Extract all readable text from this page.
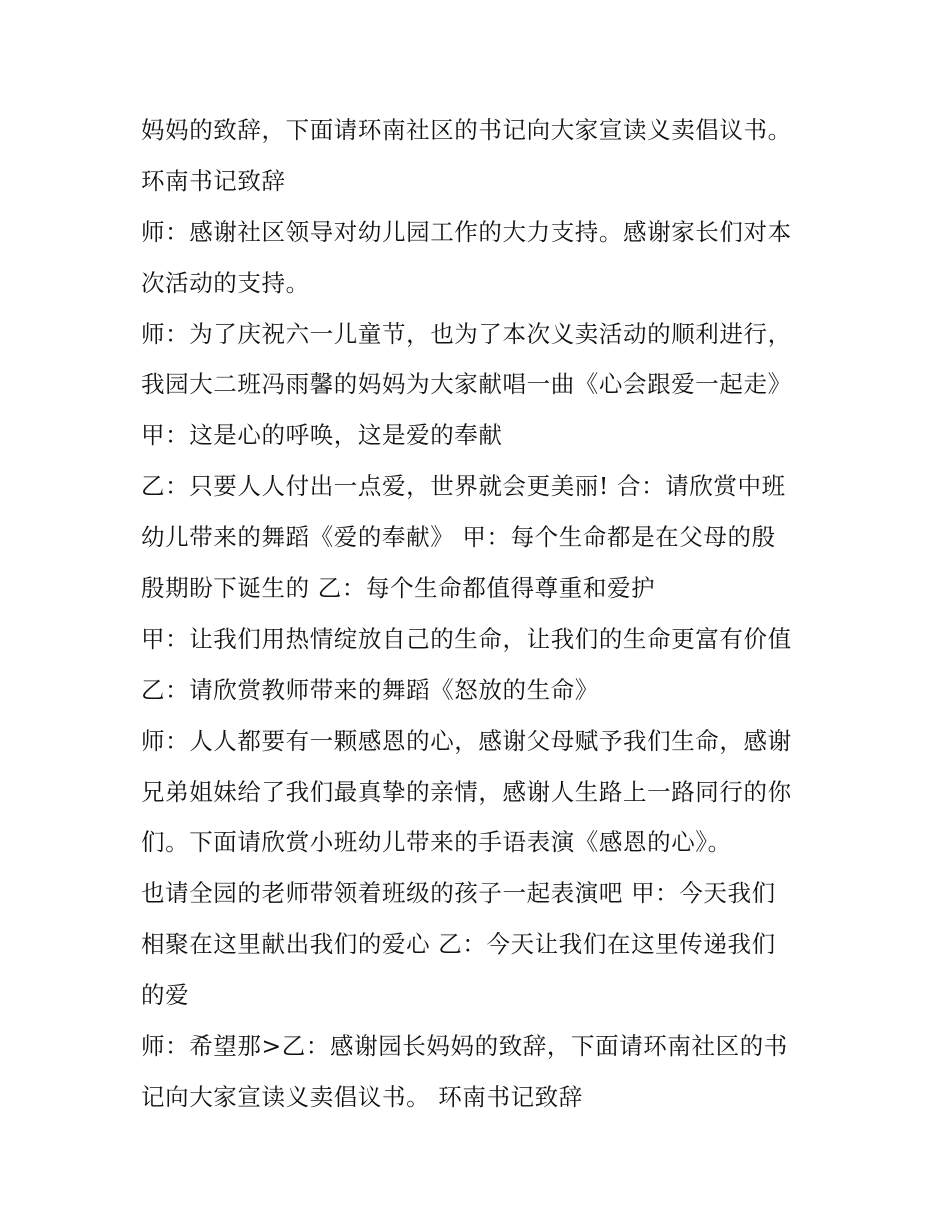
妈妈的致辞，下面请环南社区的书记向大家宣读义卖倡议书。
环南书记致辞
师：感谢社区领导对幼儿园工作的大力支持。感谢家长们对本
次活动的支持。
师：为了庆祝六一儿童节，也为了本次义卖活动的顺利进行，
我园大二班冯雨馨的妈妈为大家献唱一曲《心会跟爱一起走》
甲：这是心的呼唤，这是爱的奉献
乙：只要人人付出一点爱，世界就会更美丽! 合：请欣赏中班
幼儿带来的舞蹈《爱的奉献》 甲：每个生命都是在父母的殷
殷期盼下诞生的 乙：每个生命都值得尊重和爱护
甲：让我们用热情绽放自己的生命，让我们的生命更富有价值
乙：请欣赏教师带来的舞蹈《怒放的生命》
师：人人都要有一颗感恩的心，感谢父母赋予我们生命，感谢
兄弟姐妹给了我们最真挚的亲情，感谢人生路上一路同行的你
们。下面请欣赏小班幼儿带来的手语表演《感恩的心》。
也请全园的老师带领着班级的孩子一起表演吧 甲：今天我们
相聚在这里献出我们的爱心 乙：今天让我们在这里传递我们
的爱
师：希望那>乙：感谢园长妈妈的致辞，下面请环南社区的书
记向大家宣读义卖倡议书。 环南书记致辞
